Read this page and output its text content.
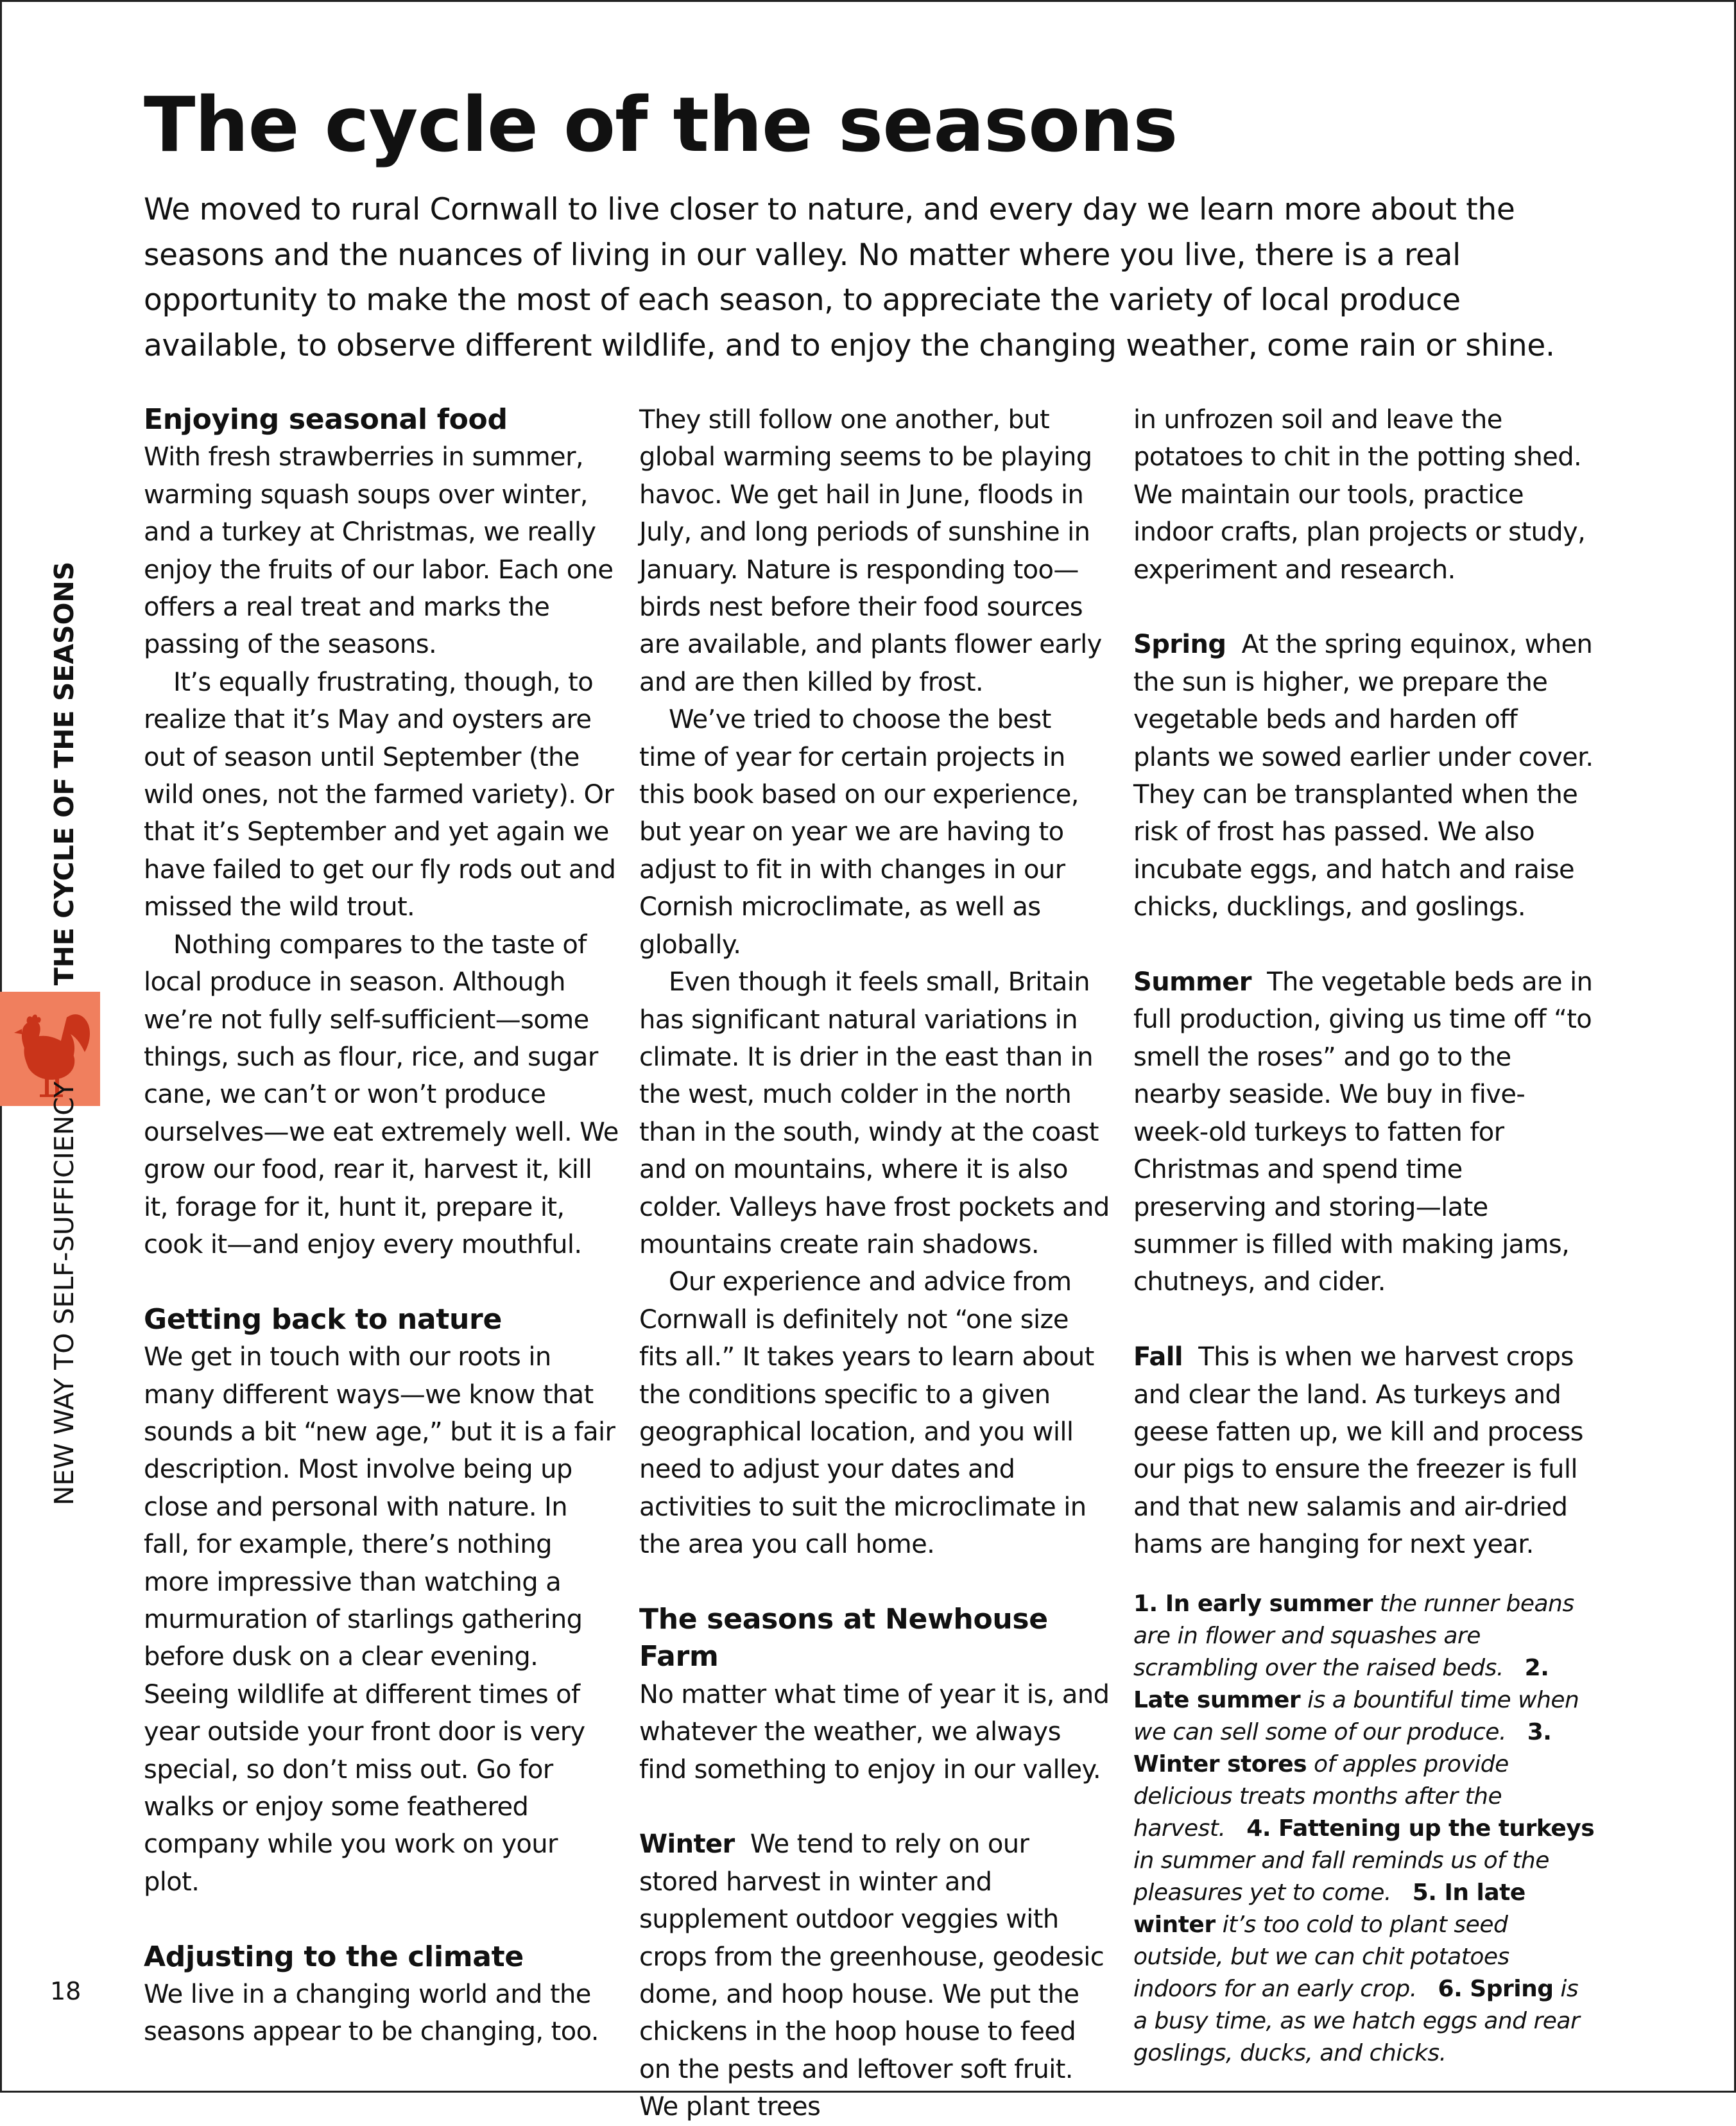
The cycle of the seasons

We moved to rural Cornwall to live closer to nature, and every day we learn more about the seasons and the nuances of living in our valley. No matter where you live, there is a real opportunity to make the most of each season, to appreciate the variety of local produce available, to observe different wildlife, and to enjoy the changing weather, come rain or shine.

THE CYCLE OF THE SEASONS
NEW WAY TO SELF-SUFFICIENCY
18
Enjoying seasonal food

With fresh strawberries in summer, warming squash soups over winter, and a turkey at Christmas, we really enjoy the fruits of our labor. Each one offers a real treat and marks the passing of the seasons.

It’s equally frustrating, though, to realize that it’s May and oysters are out of season until September (the wild ones, not the farmed variety). Or that it’s September and yet again we have failed to get our fly rods out and missed the wild trout.

Nothing compares to the taste of local produce in season. Although we’re not fully self-sufficient—some things, such as flour, rice, and sugar cane, we can’t or won’t produce ourselves—we eat extremely well. We grow our food, rear it, harvest it, kill it, forage for it, hunt it, prepare it, cook it—and enjoy every mouthful.

Getting back to nature

We get in touch with our roots in many different ways—we know that sounds a bit “new age,” but it is a fair description. Most involve being up close and personal with nature. In fall, for example, there’s nothing more impressive than watching a murmuration of starlings gathering before dusk on a clear evening. Seeing wildlife at different times of year outside your front door is very special, so don’t miss out. Go for walks or enjoy some feathered company while you work on your plot.

Adjusting to the climate

We live in a changing world and the seasons appear to be changing, too.

They still follow one another, but global warming seems to be playing havoc. We get hail in June, floods in July, and long periods of sunshine in January. Nature is responding too—birds nest before their food sources are available, and plants flower early and are then killed by frost.

We’ve tried to choose the best time of year for certain projects in this book based on our experience, but year on year we are having to adjust to fit in with changes in our Cornish microclimate, as well as globally.

Even though it feels small, Britain has significant natural variations in climate. It is drier in the east than in the west, much colder in the north than in the south, windy at the coast and on mountains, where it is also colder. Valleys have frost pockets and mountains create rain shadows.

Our experience and advice from Cornwall is definitely not “one size fits all.” It takes years to learn about the conditions specific to a given geographical location, and you will need to adjust your dates and activities to suit the microclimate in the area you call home.

The seasons at Newhouse Farm

No matter what time of year it is, and whatever the weather, we always find something to enjoy in our valley.

Winter We tend to rely on our stored harvest in winter and supplement outdoor veggies with crops from the greenhouse, geodesic dome, and hoop house. We put the chickens in the hoop house to feed on the pests and leftover soft fruit. We plant trees

in unfrozen soil and leave the potatoes to chit in the potting shed. We maintain our tools, practice indoor crafts, plan projects or study, experiment and research.

Spring At the spring equinox, when the sun is higher, we prepare the vegetable beds and harden off plants we sowed earlier under cover. They can be transplanted when the risk of frost has passed. We also incubate eggs, and hatch and raise chicks, ducklings, and goslings.

Summer The vegetable beds are in full production, giving us time off “to smell the roses” and go to the nearby seaside. We buy in five-week-old turkeys to fatten for Christmas and spend time preserving and storing—late summer is filled with making jams, chutneys, and cider.

Fall This is when we harvest crops and clear the land. As turkeys and geese fatten up, we kill and process our pigs to ensure the freezer is full and that new salamis and air-dried hams are hanging for next year.

1. In early summer the runner beans are in flower and squashes are scrambling over the raised beds. 2. Late summer is a bountiful time when we can sell some of our produce. 3. Winter stores of apples provide delicious treats months after the harvest. 4. Fattening up the turkeys in summer and fall reminds us of the pleasures yet to come. 5. In late winter it’s too cold to plant seed outside, but we can chit potatoes indoors for an early crop. 6. Spring is a busy time, as we hatch eggs and rear goslings, ducks, and chicks.
